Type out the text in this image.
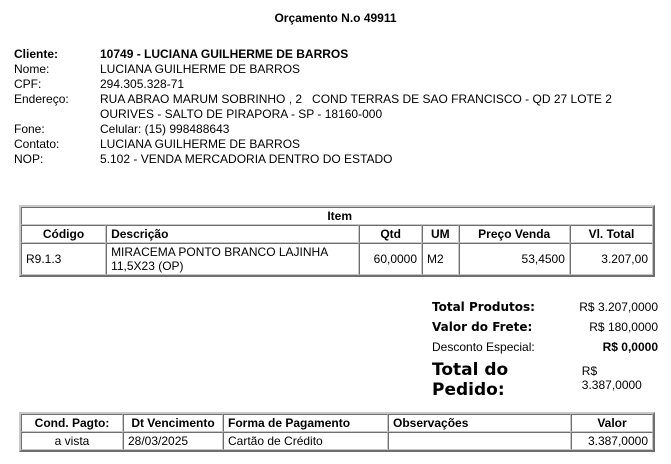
Orçamento N.o 49911
Cliente:	10749 - LUCIANA GUILHERME DE BARROS
Nome:	LUCIANA GUILHERME DE BARROS
CPF:	294.305.328-71
Endereço:	RUA ABRAO MARUM SOBRINHO , 2   COND TERRAS DE SAO FRANCISCO - QD 27 LOTE 2
	OURIVES - SALTO DE PIRAPORA - SP - 18160-000
Fone:	Celular: (15) 998488643
Contato:	LUCIANA GUILHERME DE BARROS
NOP:	5.102 - VENDA MERCADORIA DENTRO DO ESTADO
Item					
Código	Descrição	Qtd	UM	Preço Venda	Vl. Total
R9.1.3	MIRACEMA PONTO BRANCO LAJINHA 11,5X23 (OP)	60,0000	M2	53,4500	3.207,00
Total Produtos:	R$ 3.207,0000
Valor do Frete:	R$ 180,0000
Desconto Especial:	R$ 0,0000
Total do Pedido:
R$ 3.387,0000
Cond. Pagto:	Dt Vencimento	Forma de Pagamento	Observações	Valor
a vista	28/03/2025	Cartão de Crédito		3.387,0000
